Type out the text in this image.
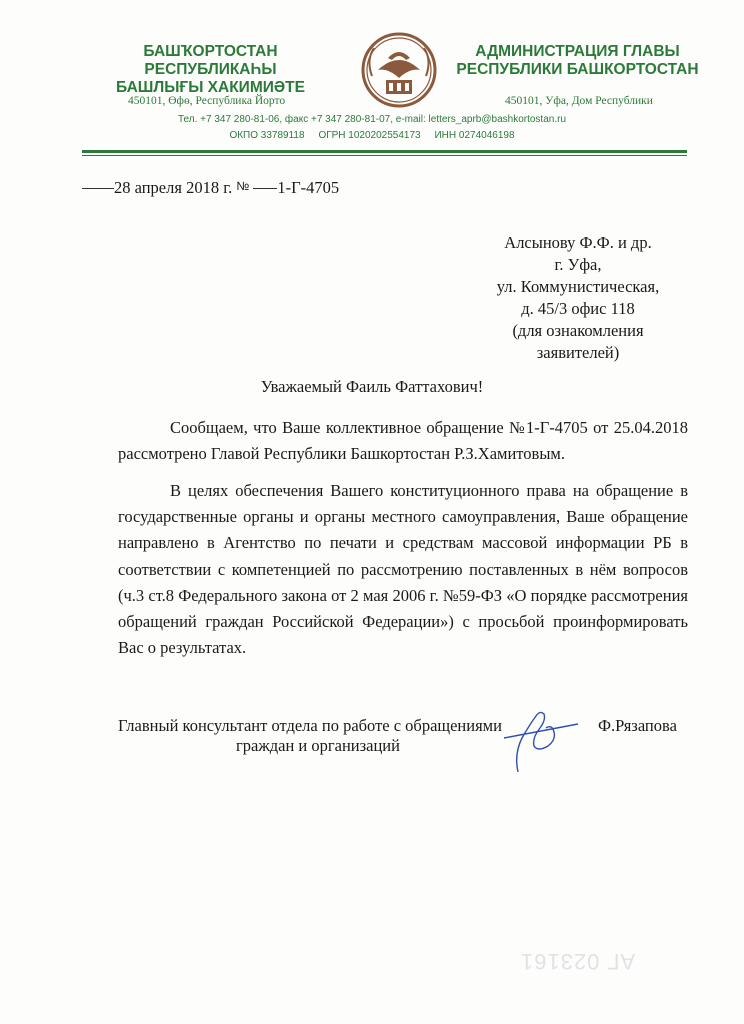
БАШҠОРТОСТАН РЕСПУБЛИКАҺЫ
БАШЛЫҒЫ ХАКИМИӘТЕ
450101, Өфө, Республика Йорто
АДМИНИСТРАЦИЯ ГЛАВЫ
РЕСПУБЛИКИ БАШКОРТОСТАН
450101, Уфа, Дом Республики
Тел. +7 347 280-81-06, факс +7 347 280-81-07, e-mail: letters_aprb@bashkortostan.ru
ОКПО 33789118     ОГРН 1020202554173     ИНН 0274046198
28 апреля 2018 г. № 1-Г-4705
Алсынову Ф.Ф. и др.
г. Уфа,
ул. Коммунистическая,
д. 45/3 офис 118
(для ознакомления
заявителей)
Уважаемый Фаиль Фаттахович!
Сообщаем, что Ваше коллективное обращение №1-Г-4705 от 25.04.2018 рассмотрено Главой Республики Башкортостан Р.З.Хамитовым.
В целях обеспечения Вашего конституционного права на обращение в государственные органы и органы местного самоуправления, Ваше обращение направлено в Агентство по печати и средствам массовой информации РБ в соответствии с компетенцией по рассмотрению поставленных в нём вопросов (ч.3 ст.8 Федерального закона от 2 мая 2006 г. №59-ФЗ «О порядке рассмотрения обращений граждан Российской Федерации») с просьбой проинформировать Вас о результатах.
Главный консультант отдела по работе с обращениями
граждан и организаций
Ф.Рязапова
АГ 023161
